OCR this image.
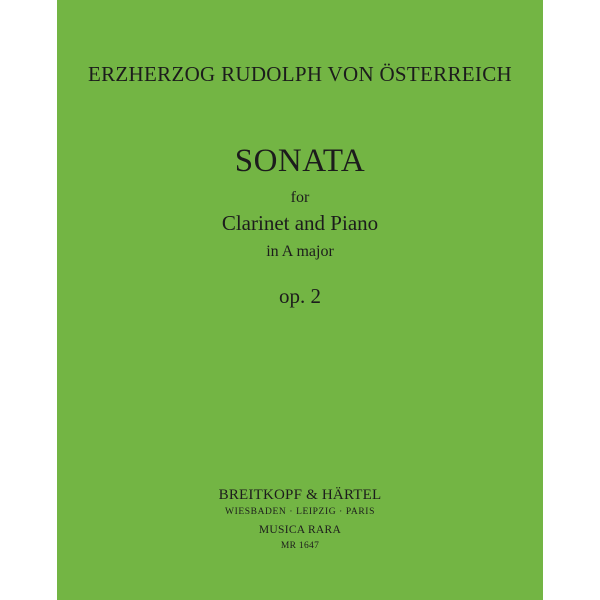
ERZHERZOG RUDOLPH VON ÖSTERREICH
SONATA
for
Clarinet and Piano
in A major
op. 2
BREITKOPF & HÄRTEL
WIESBADEN · LEIPZIG · PARIS
MUSICA RARA
MR 1647
